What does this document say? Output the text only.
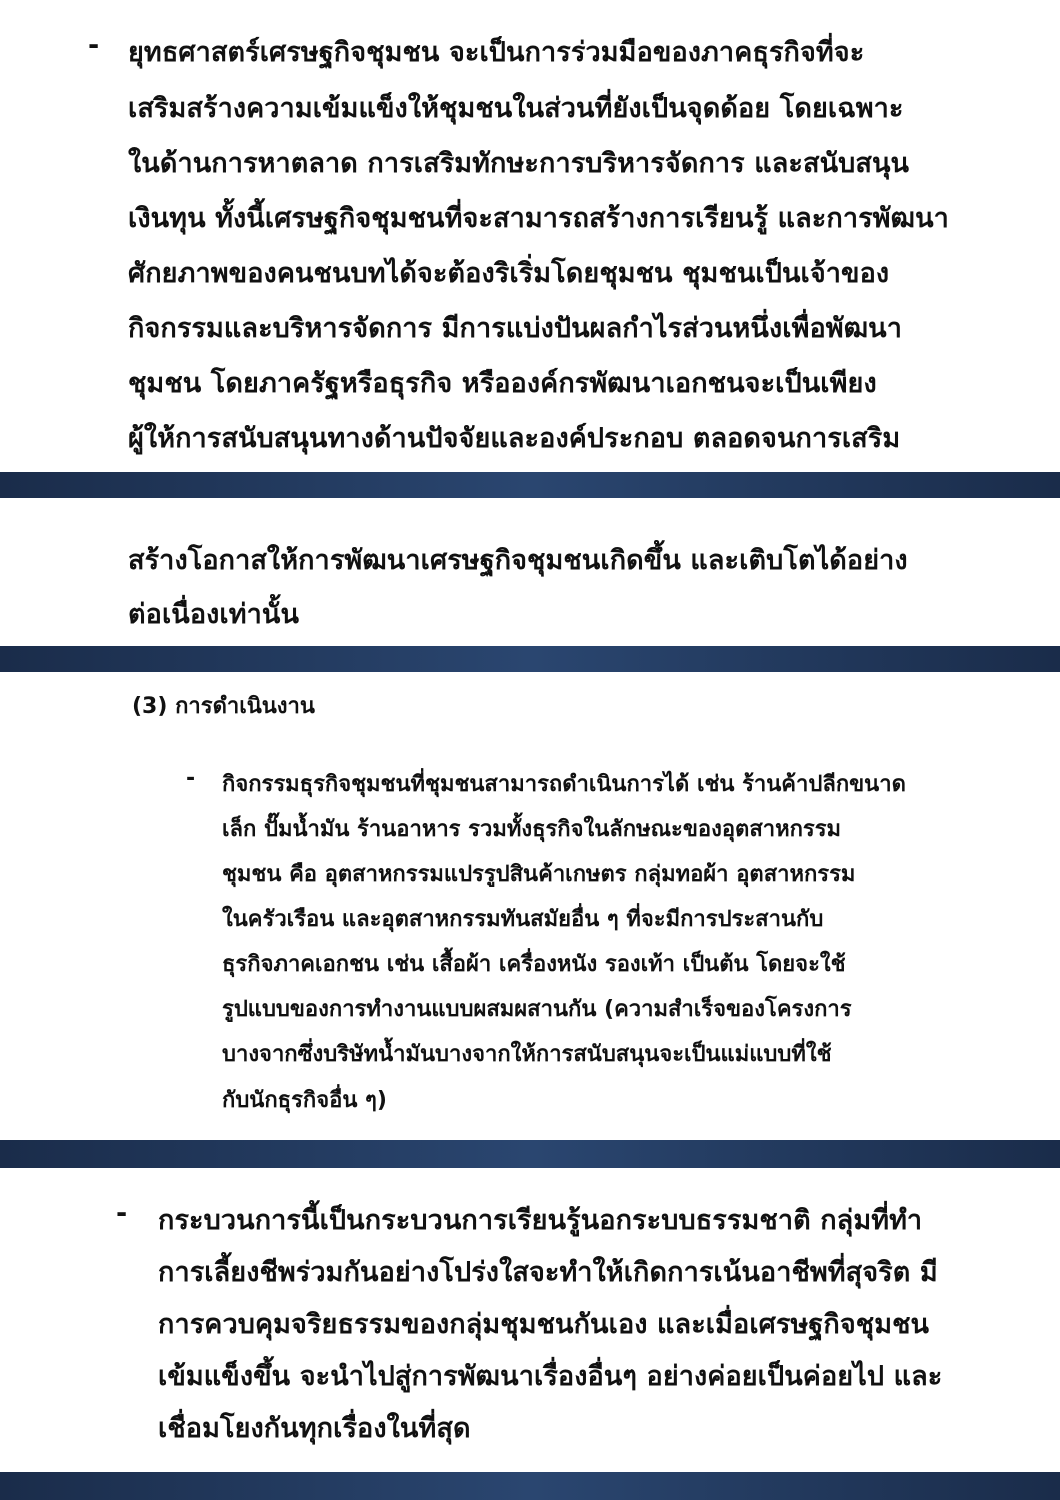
- ยุทธศาสตร์เศรษฐกิจชุมชน จะเป็นการร่วมมือของภาคธุรกิจที่จะ
เสริมสร้างความเข้มแข็งให้ชุมชนในส่วนที่ยังเป็นจุดด้อย โดยเฉพาะ
ในด้านการหาตลาด การเสริมทักษะการบริหารจัดการ และสนับสนุน
เงินทุน ทั้งนี้เศรษฐกิจชุมชนที่จะสามารถสร้างการเรียนรู้ และการพัฒนา
ศักยภาพของคนชนบทได้จะต้องริเริ่มโดยชุมชน ชุมชนเป็นเจ้าของ
กิจกรรมและบริหารจัดการ มีการแบ่งปันผลกำไรส่วนหนึ่งเพื่อพัฒนา
ชุมชน โดยภาครัฐหรือธุรกิจ หรือองค์กรพัฒนาเอกชนจะเป็นเพียง
ผู้ให้การสนับสนุนทางด้านปัจจัยและองค์ประกอบ ตลอดจนการเสริม
สร้างโอกาสให้การพัฒนาเศรษฐกิจชุมชนเกิดขึ้น และเติบโตได้อย่าง
ต่อเนื่องเท่านั้น
(3) การดำเนินงาน
- กิจกรรมธุรกิจชุมชนที่ชุมชนสามารถดำเนินการได้ เช่น ร้านค้าปลีกขนาด
เล็ก ปั๊มน้ำมัน ร้านอาหาร รวมทั้งธุรกิจในลักษณะของอุตสาหกรรม
ชุมชน คือ อุตสาหกรรมแปรรูปสินค้าเกษตร กลุ่มทอผ้า อุตสาหกรรม
ในครัวเรือน และอุตสาหกรรมทันสมัยอื่น ๆ ที่จะมีการประสานกับ
ธุรกิจภาคเอกชน เช่น เสื้อผ้า เครื่องหนัง รองเท้า เป็นต้น โดยจะใช้
รูปแบบของการทำงานแบบผสมผสานกัน (ความสำเร็จของโครงการ
บางจากซึ่งบริษัทน้ำมันบางจากให้การสนับสนุนจะเป็นแม่แบบที่ใช้
กับนักธุรกิจอื่น ๆ)
- กระบวนการนี้เป็นกระบวนการเรียนรู้นอกระบบธรรมชาติ กลุ่มที่ทำ
การเลี้ยงชีพร่วมกันอย่างโปร่งใสจะทำให้เกิดการเน้นอาชีพที่สุจริต มี
การควบคุมจริยธรรมของกลุ่มชุมชนกันเอง และเมื่อเศรษฐกิจชุมชน
เข้มแข็งขึ้น จะนำไปสู่การพัฒนาเรื่องอื่นๆ อย่างค่อยเป็นค่อยไป และ
เชื่อมโยงกันทุกเรื่องในที่สุด
